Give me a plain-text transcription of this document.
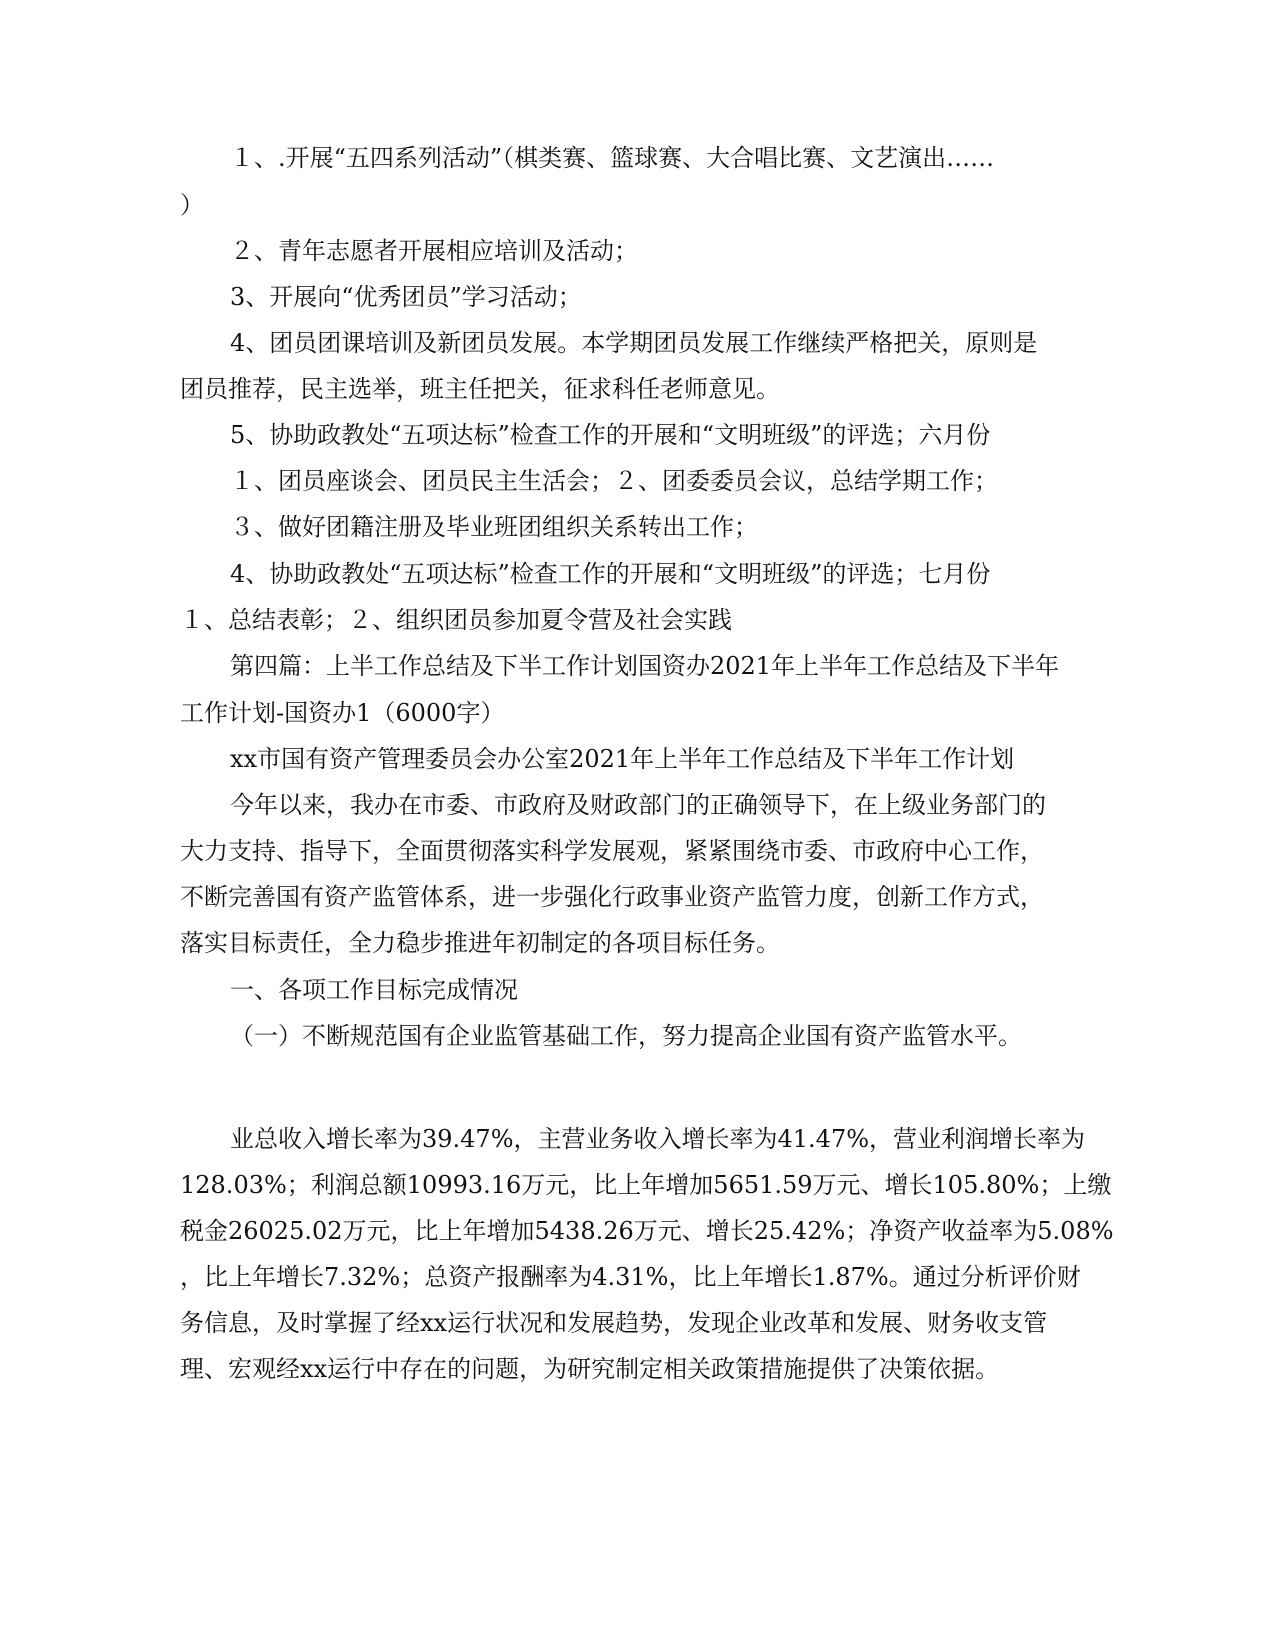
１、.开展“五四系列活动”（棋类赛、篮球赛、大合唱比赛、文艺演出……

）

２、青年志愿者开展相应培训及活动；

3、开展向“优秀团员”学习活动；

4、团员团课培训及新团员发展。本学期团员发展工作继续严格把关，原则是

团员推荐，民主选举，班主任把关，征求科任老师意见。

5、协助政教处“五项达标”检查工作的开展和“文明班级”的评选；六月份

１、团员座谈会、团员民主生活会；２、团委委员会议，总结学期工作；

３、做好团籍注册及毕业班团组织关系转出工作；

4、协助政教处“五项达标”检查工作的开展和“文明班级”的评选；七月份

１、总结表彰；２、组织团员参加夏令营及社会实践

第四篇：上半工作总结及下半工作计划国资办2021年上半年工作总结及下半年

工作计划-国资办1（6000字）

xx市国有资产管理委员会办公室2021年上半年工作总结及下半年工作计划

今年以来，我办在市委、市政府及财政部门的正确领导下，在上级业务部门的

大力支持、指导下，全面贯彻落实科学发展观，紧紧围绕市委、市政府中心工作，

不断完善国有资产监管体系，进一步强化行政事业资产监管力度，创新工作方式，

落实目标责任，全力稳步推进年初制定的各项目标任务。

一、各项工作目标完成情况

（一）不断规范国有企业监管基础工作，努力提高企业国有资产监管水平。

业总收入增长率为39.47%，主营业务收入增长率为41.47%，营业利润增长率为

128.03%；利润总额10993.16万元，比上年增加5651.59万元、增长105.80%；上缴

税金26025.02万元，比上年增加5438.26万元、增长25.42%；净资产收益率为5.08%

，比上年增长7.32%；总资产报酬率为4.31%，比上年增长1.87%。通过分析评价财

务信息，及时掌握了经xx运行状况和发展趋势，发现企业改革和发展、财务收支管

理、宏观经xx运行中存在的问题，为研究制定相关政策措施提供了决策依据。
